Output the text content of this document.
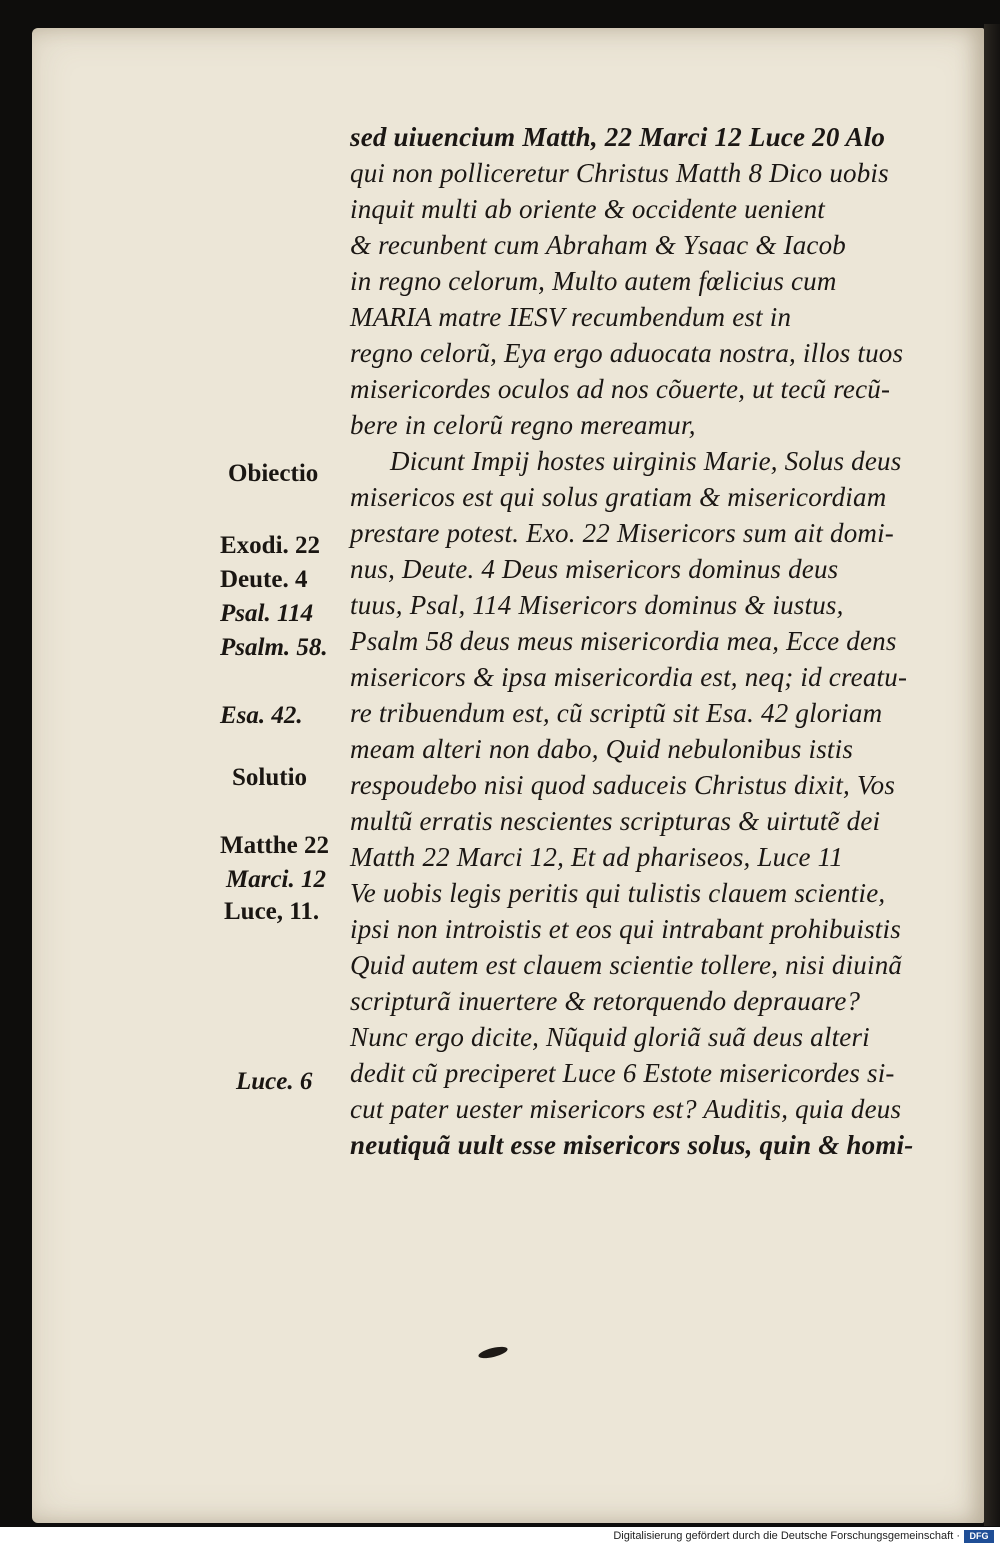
sed uiuencium Matth, 22 Marci 12 Luce 20 Alo
qui non polliceretur Christus Matth 8 Dico uobis
inquit multi ab oriente & occidente uenient
& recunbent cum Abraham & Ysaac & Iacob
in regno celorum, Multo autem fœlicius cum
MARIA matre IESV recumbendum est in
regno celorũ, Eya ergo aduocata nostra, illos tuos
misericordes oculos ad nos cõuerte, ut tecũ recũ-
bere in celorũ regno mereamur,
Dicunt Impij hostes uirginis Marie, Solus deus
misericos est qui solus gratiam & misericordiam
prestare potest. Exo. 22 Misericors sum ait domi-
nus, Deute. 4 Deus misericors dominus deus
tuus, Psal, 114 Misericors dominus & iustus,
Psalm 58 deus meus misericordia mea, Ecce dens
misericors & ipsa misericordia est, neq; id creatu-
re tribuendum est, cũ scriptũ sit Esa. 42 gloriam
meam alteri non dabo, Quid nebulonibus istis
respoudebo nisi quod saduceis Christus dixit, Vos
multũ erratis nescientes scripturas & uirtutẽ dei
Matth 22 Marci 12, Et ad phariseos, Luce 11
Ve uobis legis peritis qui tulistis clauem scientie,
ipsi non introistis et eos qui intrabant prohibuistis
Quid autem est clauem scientie tollere, nisi diuinã
scripturã inuertere & retorquendo deprauare?
Nunc ergo dicite, Nũquid gloriã suã deus alteri
dedit cũ preciperet Luce 6 Estote misericordes si-
cut pater uester misericors est? Auditis, quia deus
neutiquã uult esse misericors solus, quin & homi-
Obiectio
Exodi. 22
Deute. 4
Psal. 114
Psalm. 58.
Esa. 42.
Solutio
Matthe 22
Marci. 12
Luce, 11.
Luce. 6
Digitalisierung gefördert durch die Deutsche Forschungsgemeinschaft ·	DFG
